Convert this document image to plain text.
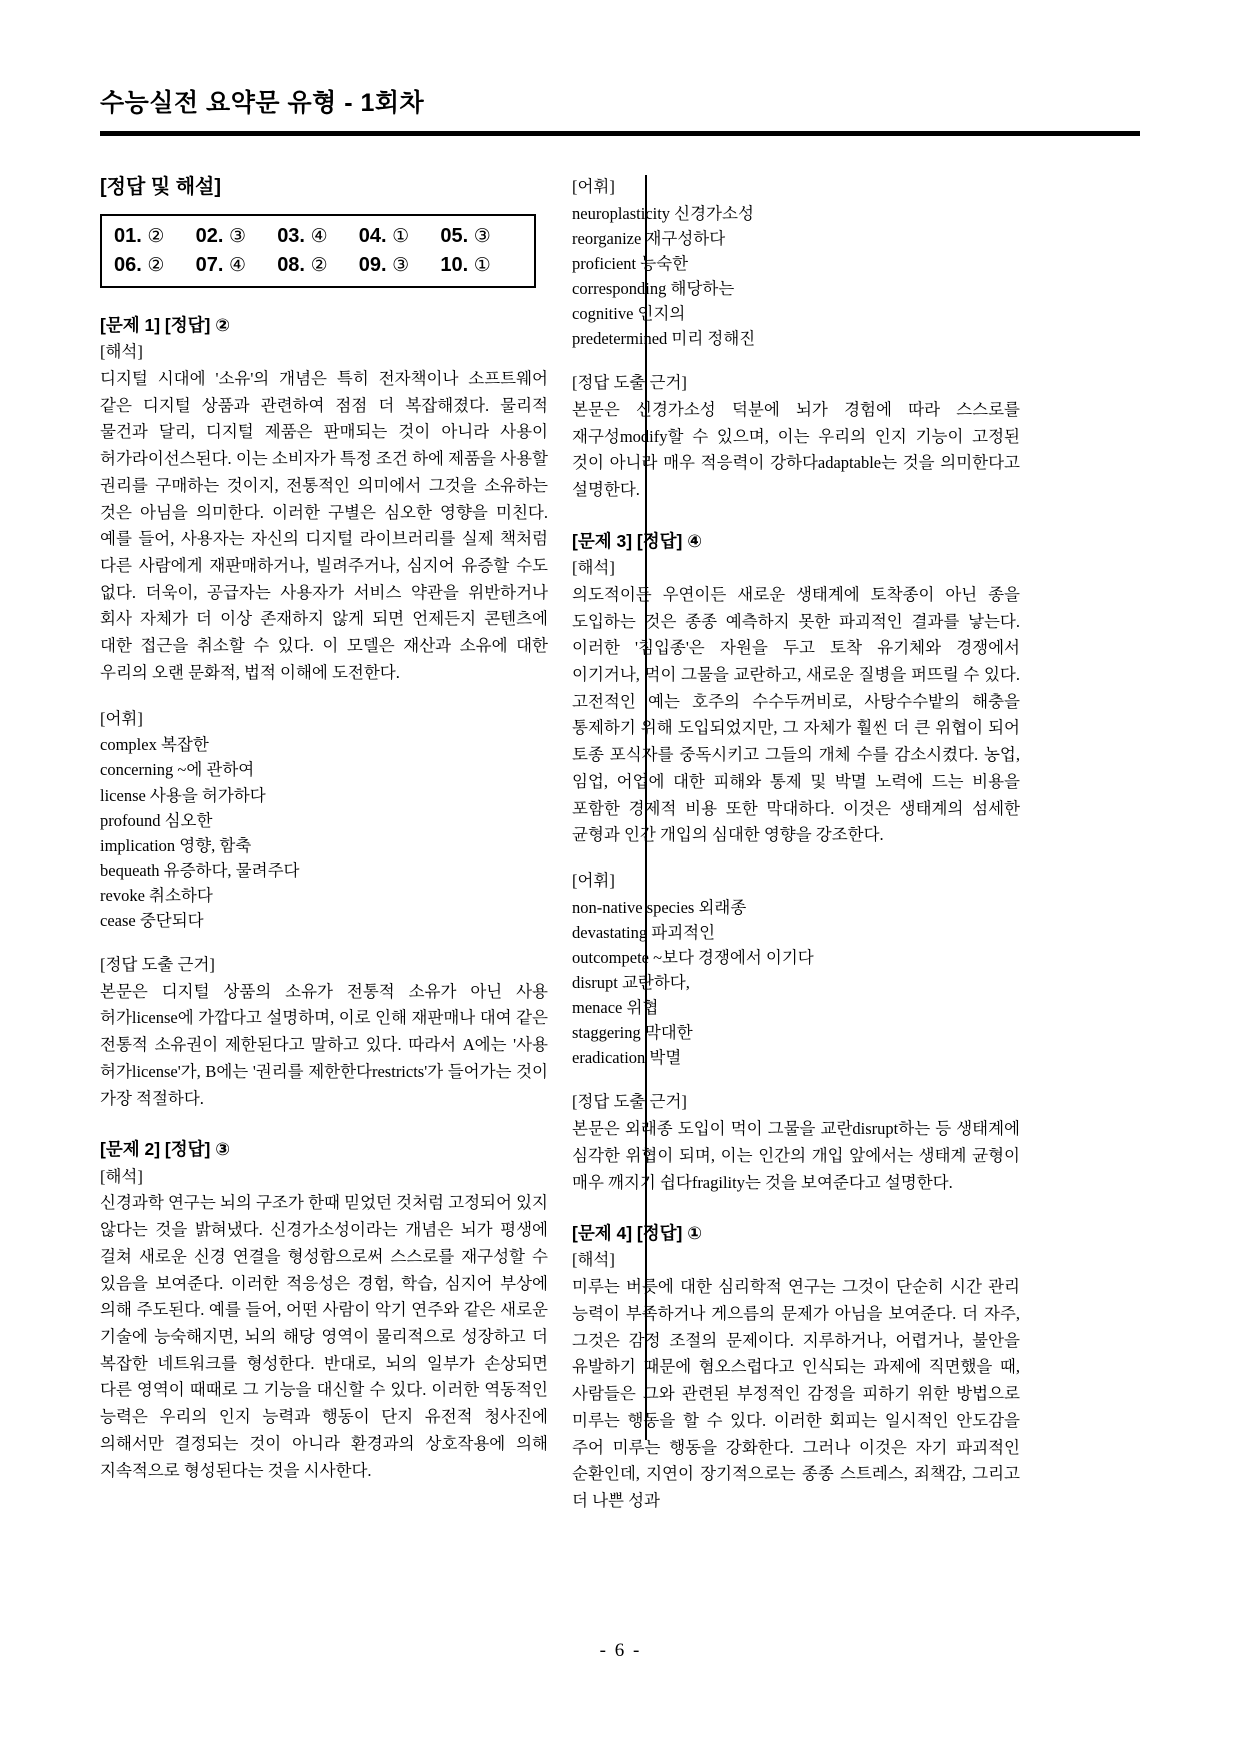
수능실전 요약문 유형 - 1회차
[정답 및 해설]
01. ②	02. ③	03. ④	04. ①	05. ③
06. ②	07. ④	08. ②	09. ③	10. ①
[문제 1] [정답] ②
[해석]
디지털 시대에 '소유'의 개념은 특히 전자책이나 소프트웨어 같은 디지털 상품과 관련하여 점점 더 복잡해졌다. 물리적 물건과 달리, 디지털 제품은 판매되는 것이 아니라 사용이 허가라이선스된다. 이는 소비자가 특정 조건 하에 제품을 사용할 권리를 구매하는 것이지, 전통적인 의미에서 그것을 소유하는 것은 아님을 의미한다. 이러한 구별은 심오한 영향을 미친다. 예를 들어, 사용자는 자신의 디지털 라이브러리를 실제 책처럼 다른 사람에게 재판매하거나, 빌려주거나, 심지어 유증할 수도 없다. 더욱이, 공급자는 사용자가 서비스 약관을 위반하거나 회사 자체가 더 이상 존재하지 않게 되면 언제든지 콘텐츠에 대한 접근을 취소할 수 있다. 이 모델은 재산과 소유에 대한 우리의 오랜 문화적, 법적 이해에 도전한다.
[어휘]
complex 복잡한
concerning ~에 관하여
license 사용을 허가하다
profound 심오한
implication 영향, 함축
bequeath 유증하다, 물려주다
revoke 취소하다
cease 중단되다
[정답 도출 근거]
본문은 디지털 상품의 소유가 전통적 소유가 아닌 사용 허가license에 가깝다고 설명하며, 이로 인해 재판매나 대여 같은 전통적 소유권이 제한된다고 말하고 있다. 따라서 A에는 '사용 허가license'가, B에는 '권리를 제한한다restricts'가 들어가는 것이 가장 적절하다.
[문제 2] [정답] ③
[해석]
신경과학 연구는 뇌의 구조가 한때 믿었던 것처럼 고정되어 있지 않다는 것을 밝혀냈다. 신경가소성이라는 개념은 뇌가 평생에 걸쳐 새로운 신경 연결을 형성함으로써 스스로를 재구성할 수 있음을 보여준다. 이러한 적응성은 경험, 학습, 심지어 부상에 의해 주도된다. 예를 들어, 어떤 사람이 악기 연주와 같은 새로운 기술에 능숙해지면, 뇌의 해당 영역이 물리적으로 성장하고 더 복잡한 네트워크를 형성한다. 반대로, 뇌의 일부가 손상되면 다른 영역이 때때로 그 기능을 대신할 수 있다. 이러한 역동적인 능력은 우리의 인지 능력과 행동이 단지 유전적 청사진에 의해서만 결정되는 것이 아니라 환경과의 상호작용에 의해 지속적으로 형성된다는 것을 시사한다.
[어휘]
neuroplasticity 신경가소성
reorganize 재구성하다
proficient 능숙한
corresponding 해당하는
cognitive 인지의
predetermined 미리 정해진
[정답 도출 근거]
본문은 신경가소성 덕분에 뇌가 경험에 따라 스스로를 재구성modify할 수 있으며, 이는 우리의 인지 기능이 고정된 것이 아니라 매우 적응력이 강하다adaptable는 것을 의미한다고 설명한다.
[문제 3] [정답] ④
[해석]
의도적이든 우연이든 새로운 생태계에 토착종이 아닌 종을 도입하는 것은 종종 예측하지 못한 파괴적인 결과를 낳는다. 이러한 '침입종'은 자원을 두고 토착 유기체와 경쟁에서 이기거나, 먹이 그물을 교란하고, 새로운 질병을 퍼뜨릴 수 있다. 고전적인 예는 호주의 수수두꺼비로, 사탕수수밭의 해충을 통제하기 위해 도입되었지만, 그 자체가 훨씬 더 큰 위협이 되어 토종 포식자를 중독시키고 그들의 개체 수를 감소시켰다. 농업, 임업, 어업에 대한 피해와 통제 및 박멸 노력에 드는 비용을 포함한 경제적 비용 또한 막대하다. 이것은 생태계의 섬세한 균형과 인간 개입의 심대한 영향을 강조한다.
[어휘]
non-native species 외래종
devastating 파괴적인
outcompete ~보다 경쟁에서 이기다
disrupt 교란하다,
menace 위협
staggering 막대한
eradication 박멸
[정답 도출 근거]
본문은 외래종 도입이 먹이 그물을 교란disrupt하는 등 생태계에 심각한 위협이 되며, 이는 인간의 개입 앞에서는 생태계 균형이 매우 깨지기 쉽다fragility는 것을 보여준다고 설명한다.
[문제 4] [정답] ①
[해석]
미루는 버릇에 대한 심리학적 연구는 그것이 단순히 시간 관리 능력이 부족하거나 게으름의 문제가 아님을 보여준다. 더 자주, 그것은 감정 조절의 문제이다. 지루하거나, 어렵거나, 불안을 유발하기 때문에 혐오스럽다고 인식되는 과제에 직면했을 때, 사람들은 그와 관련된 부정적인 감정을 피하기 위한 방법으로 미루는 행동을 할 수 있다. 이러한 회피는 일시적인 안도감을 주어 미루는 행동을 강화한다. 그러나 이것은 자기 파괴적인 순환인데, 지연이 장기적으로는 종종 스트레스, 죄책감, 그리고 더 나쁜 성과
- 6 -
